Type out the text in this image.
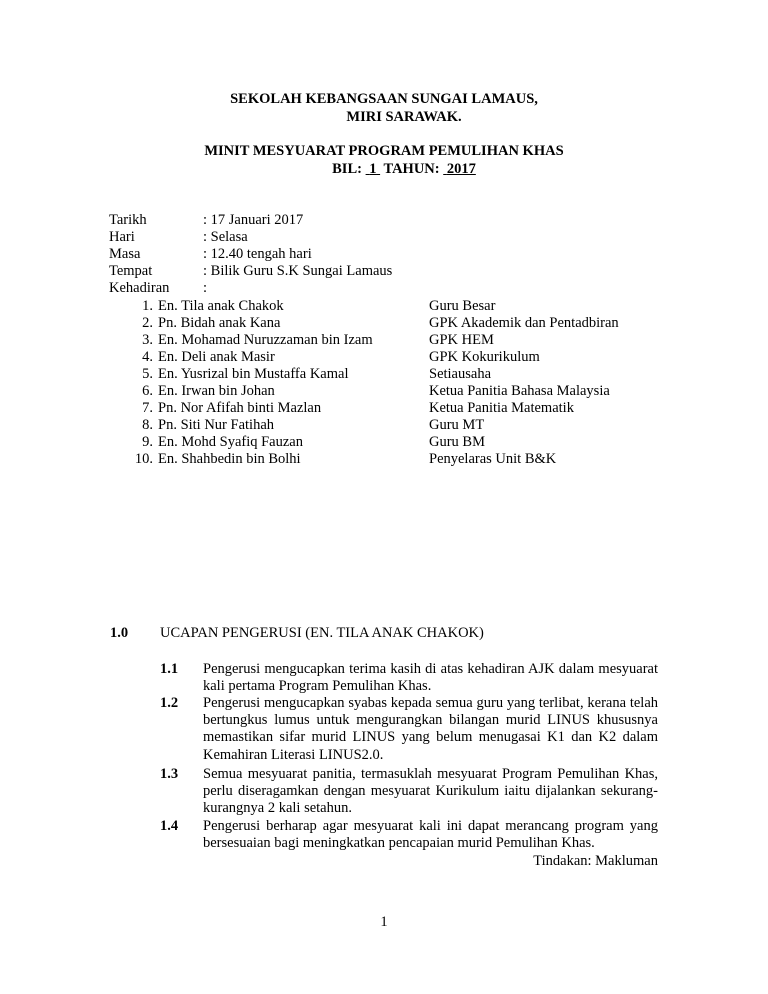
SEKOLAH KEBANGSAAN SUNGAI LAMAUS,
MIRI SARAWAK.
MINIT MESYUARAT PROGRAM PEMULIHAN KHAS
BIL: 1 TAHUN: 2017
Tarikh	: 17 Januari 2017
Hari	: Selasa
Masa	: 12.40 tengah hari
Tempat	: Bilik Guru S.K Sungai Lamaus
Kehadiran :
1. En. Tila anak Chakok	Guru Besar
2. Pn. Bidah anak Kana	GPK Akademik dan Pentadbiran
3. En. Mohamad Nuruzzaman bin Izam	GPK HEM
4. En. Deli anak Masir	GPK Kokurikulum
5. En. Yusrizal bin Mustaffa Kamal	Setiausaha
6. En. Irwan bin Johan	Ketua Panitia Bahasa Malaysia
7. Pn. Nor Afifah binti Mazlan	Ketua Panitia Matematik
8. Pn. Siti Nur Fatihah	Guru MT
9. En. Mohd Syafiq Fauzan	Guru BM
10. En. Shahbedin bin Bolhi	Penyelaras Unit B&K
1.0 UCAPAN PENGERUSI (EN. TILA ANAK CHAKOK)
1.1 Pengerusi mengucapkan terima kasih di atas kehadiran AJK dalam mesyuarat kali pertama Program Pemulihan Khas.
1.2 Pengerusi mengucapkan syabas kepada semua guru yang terlibat, kerana telah bertungkus lumus untuk mengurangkan bilangan murid LINUS khususnya memastikan sifar murid LINUS yang belum menugasai K1 dan K2 dalam Kemahiran Literasi LINUS2.0.
1.3 Semua mesyuarat panitia, termasuklah mesyuarat Program Pemulihan Khas, perlu diseragamkan dengan mesyuarat Kurikulum iaitu dijalankan sekurang-kurangnya 2 kali setahun.
1.4 Pengerusi berharap agar mesyuarat kali ini dapat merancang program yang bersesuaian bagi meningkatkan pencapaian murid Pemulihan Khas.
Tindakan: Makluman
1
